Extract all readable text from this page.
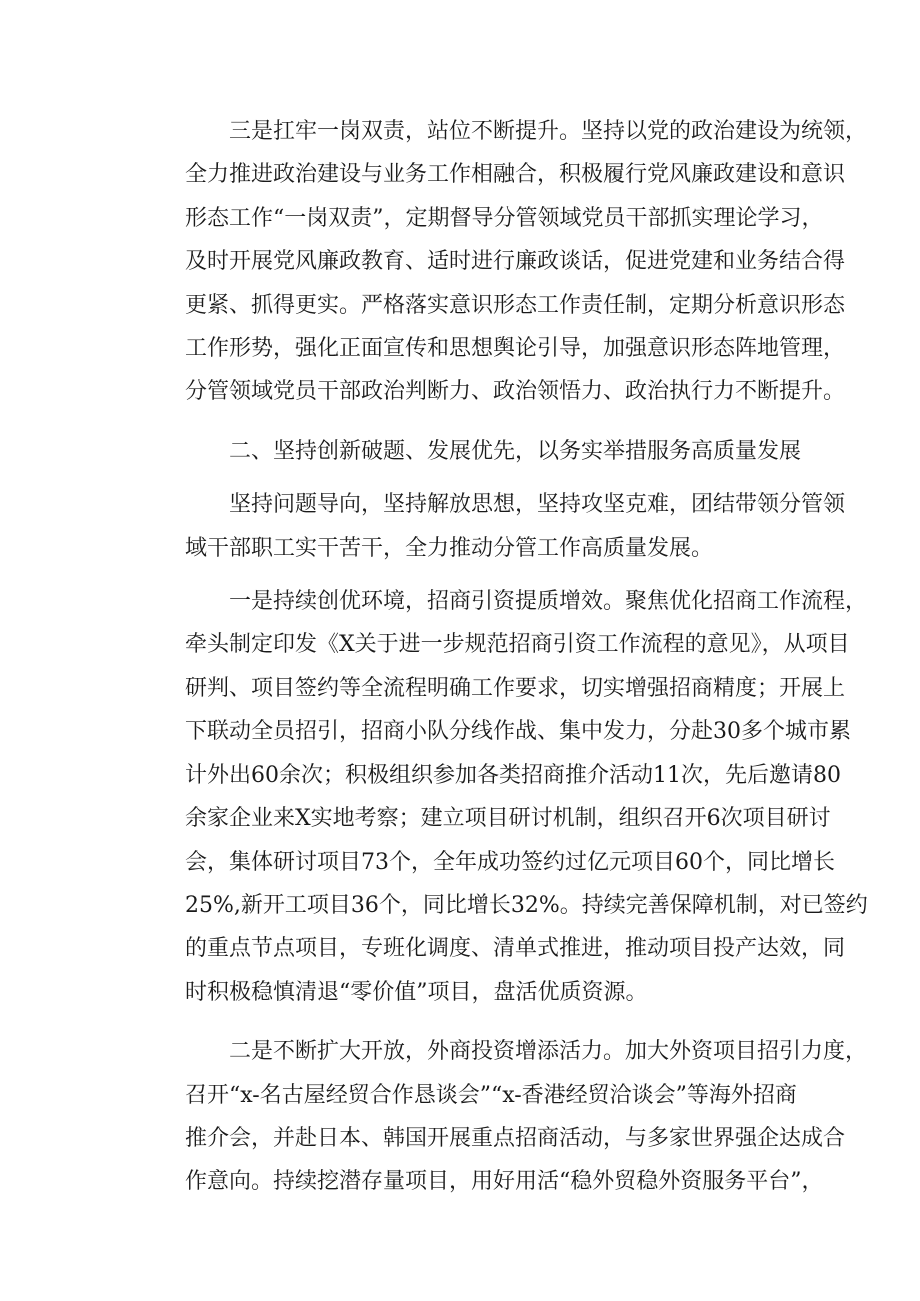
三是扛牢一岗双责，站位不断提升。坚持以党的政治建设为统领，
全力推进政治建设与业务工作相融合，积极履行党风廉政建设和意识
形态工作“一岗双责”，定期督导分管领域党员干部抓实理论学习，
及时开展党风廉政教育、适时进行廉政谈话，促进党建和业务结合得
更紧、抓得更实。严格落实意识形态工作责任制，定期分析意识形态
工作形势，强化正面宣传和思想舆论引导，加强意识形态阵地管理，
分管领域党员干部政治判断力、政治领悟力、政治执行力不断提升。
二、坚持创新破题、发展优先，以务实举措服务高质量发展
坚持问题导向，坚持解放思想，坚持攻坚克难，团结带领分管领
域干部职工实干苦干，全力推动分管工作高质量发展。
一是持续创优环境，招商引资提质增效。聚焦优化招商工作流程，
牵头制定印发《X关于进一步规范招商引资工作流程的意见》，从项目
研判、项目签约等全流程明确工作要求，切实增强招商精度；开展上
下联动全员招引，招商小队分线作战、集中发力，分赴30多个城市累
计外出60余次；积极组织参加各类招商推介活动11次，先后邀请80
余家企业来X实地考察；建立项目研讨机制，组织召开6次项目研讨
会，集体研讨项目73个，全年成功签约过亿元项目60个，同比增长
25%,新开工项目36个，同比增长32%。持续完善保障机制，对已签约
的重点节点项目，专班化调度、清单式推进，推动项目投产达效，同
时积极稳慎清退“零价值”项目，盘活优质资源。
二是不断扩大开放，外商投资增添活力。加大外资项目招引力度，
召开“x-名古屋经贸合作恳谈会”“x-香港经贸洽谈会”等海外招商
推介会，并赴日本、韩国开展重点招商活动，与多家世界强企达成合
作意向。持续挖潜存量项目，用好用活“稳外贸稳外资服务平台”，
